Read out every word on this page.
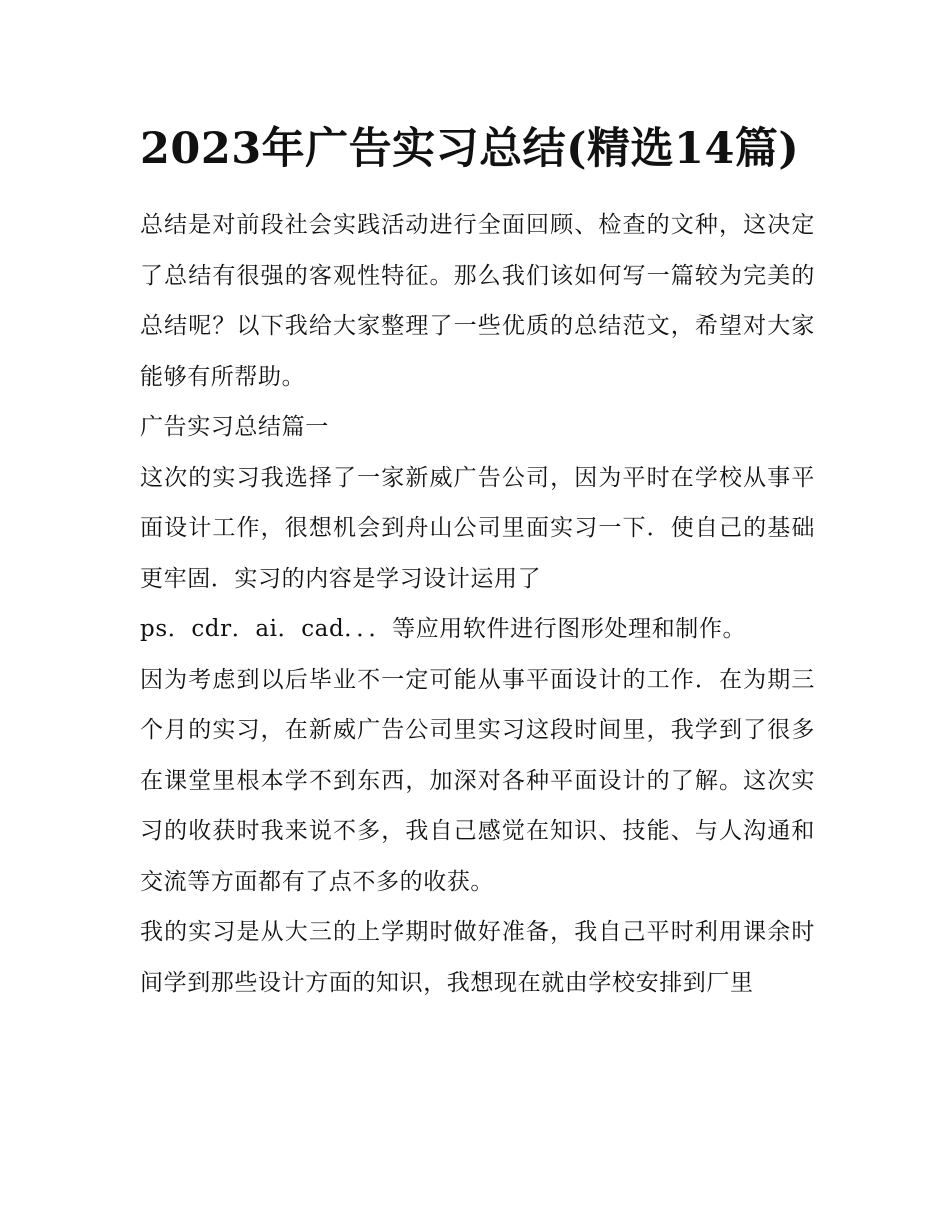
2023年广告实习总结(精选14篇)

总结是对前段社会实践活动进行全面回顾、检查的文种，这决定了总结有很强的客观性特征。那么我们该如何写一篇较为完美的总结呢？以下我给大家整理了一些优质的总结范文，希望对大家能够有所帮助。

广告实习总结篇一

这次的实习我选择了一家新威广告公司，因为平时在学校从事平面设计工作，很想机会到舟山公司里面实习一下．使自己的基础更牢固．实习的内容是学习设计运用了

ps．cdr．ai．cad．．．等应用软件进行图形处理和制作。

因为考虑到以后毕业不一定可能从事平面设计的工作．在为期三个月的实习，在新威广告公司里实习这段时间里，我学到了很多在课堂里根本学不到东西，加深对各种平面设计的了解。这次实习的收获时我来说不多，我自己感觉在知识、技能、与人沟通和交流等方面都有了点不多的收获。

我的实习是从大三的上学期时做好准备，我自己平时利用课余时间学到那些设计方面的知识，我想现在就由学校安排到厂里
